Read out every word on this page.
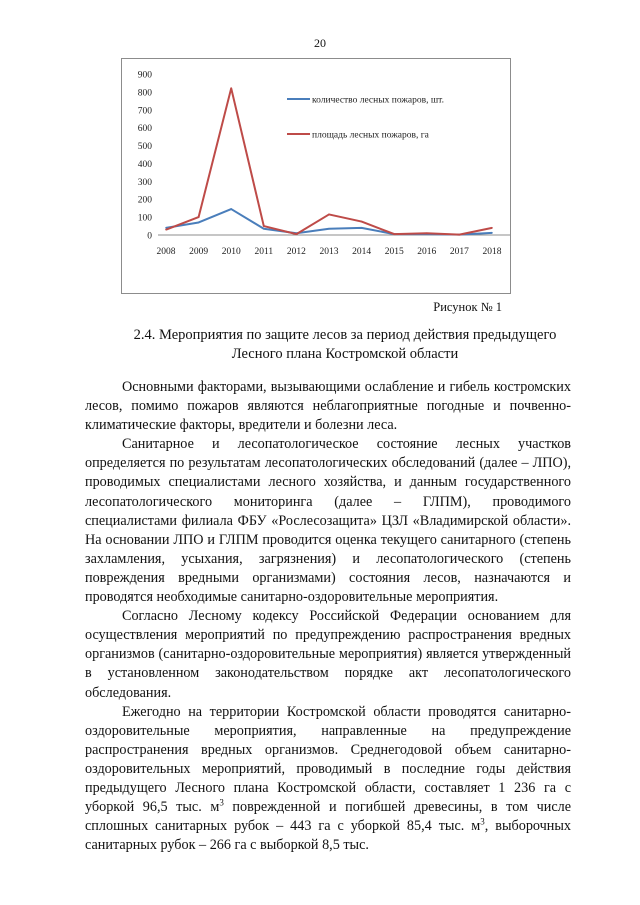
20
0
100
200
300
400
500
600
700
800
900
2008 2009 2010 2011 2012 2013 2014 2015 2016 2017 2018
количество лесных пожаров, шт.
площадь лесных пожаров, га
Рисунок № 1
2.4. Мероприятия по защите лесов за период действия предыдущего
Лесного плана Костромской области

Основными факторами, вызывающими ослабление и гибель костромских лесов, помимо пожаров являются неблагоприятные погодные и почвенно-климатические факторы, вредители и болезни леса.

Санитарное и лесопатологическое состояние лесных участков определяется по результатам лесопатологических обследований (далее – ЛПО), проводимых специалистами лесного хозяйства, и данным государственного лесопатологического мониторинга (далее – ГЛПМ), проводимого специалистами филиала ФБУ «Рослесозащита» ЦЗЛ «Владимирской области». На основании ЛПО и ГЛПМ проводится оценка текущего санитарного (степень захламления, усыхания, загрязнения) и лесопатологического (степень повреждения вредными организмами) состояния лесов, назначаются и проводятся необходимые санитарно-оздоровительные мероприятия.

Согласно Лесному кодексу Российской Федерации основанием для осуществления мероприятий по предупреждению распространения вредных организмов (санитарно-оздоровительные мероприятия) является утвержденный в установленном законодательством порядке акт лесопатологического обследования.

Ежегодно на территории Костромской области проводятся санитарно-оздоровительные мероприятия, направленные на предупреждение распространения вредных организмов. Среднегодовой объем санитарно-оздоровительных мероприятий, проводимый в последние годы действия предыдущего Лесного плана Костромской области, составляет 1 236 га с уборкой 96,5 тыс. $м^3$ поврежденной и погибшей древесины, в том числе сплошных санитарных рубок – 443 га с уборкой 85,4 тыс. $м^3$, выборочных санитарных рубок – 266 га с выборкой 8,5 тыс.
